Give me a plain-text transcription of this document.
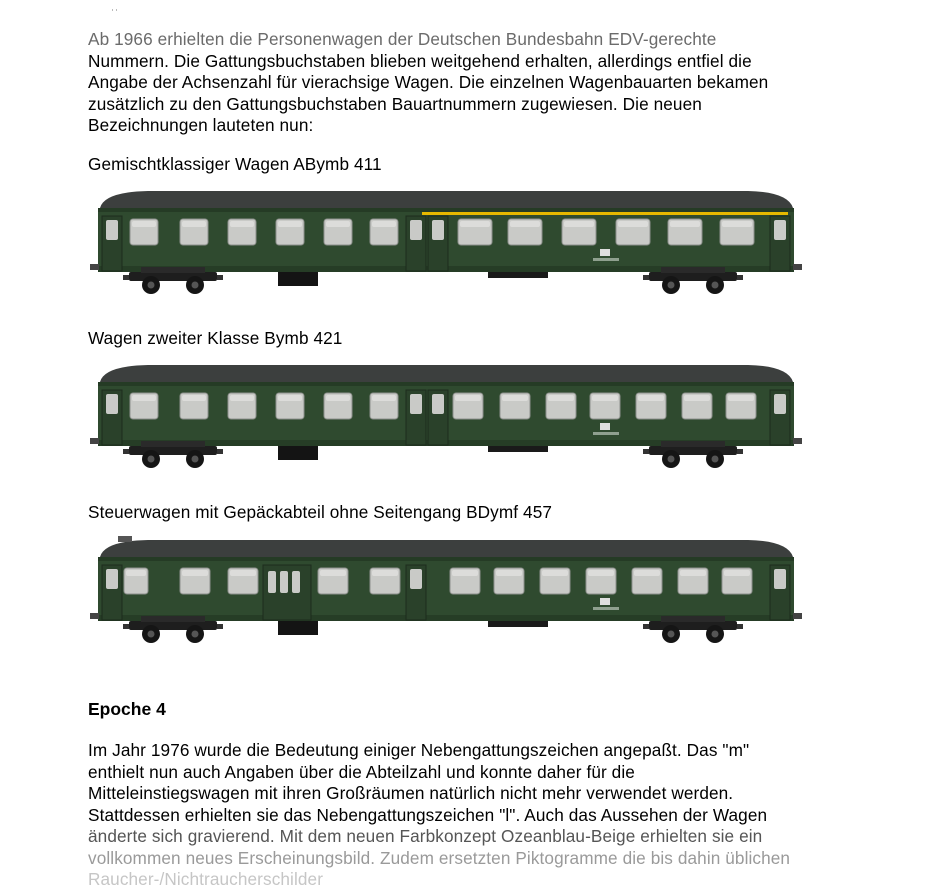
Ab 1966 erhielten die Personenwagen der Deutschen Bundesbahn EDV-gerechte
Nummern. Die Gattungsbuchstaben blieben weitgehend erhalten, allerdings entfiel die
Angabe der Achsenzahl für vierachsige Wagen. Die einzelnen Wagenbauarten bekamen
zusätzlich zu den Gattungsbuchstaben Bauartnummern zugewiesen. Die neuen
Bezeichnungen lauteten nun:

Gemischtklassiger Wagen ABymb 411
Wagen zweiter Klasse Bymb 421
Steuerwagen mit Gepäckabteil ohne Seitengang BDymf 457
Epoche 4

Im Jahr 1976 wurde die Bedeutung einiger Nebengattungszeichen angepaßt. Das "m"
enthielt nun auch Angaben über die Abteilzahl und konnte daher für die
Mitteleinstiegswagen mit ihren Großräumen natürlich nicht mehr verwendet werden.
Stattdessen erhielten sie das Nebengattungszeichen "l". Auch das Aussehen der Wagen
änderte sich gravierend. Mit dem neuen Farbkonzept Ozeanblau-Beige erhielten sie ein
vollkommen neues Erscheinungsbild. Zudem ersetzten Piktogramme die bis dahin üblichen
Raucher-/Nichtraucherschilder
